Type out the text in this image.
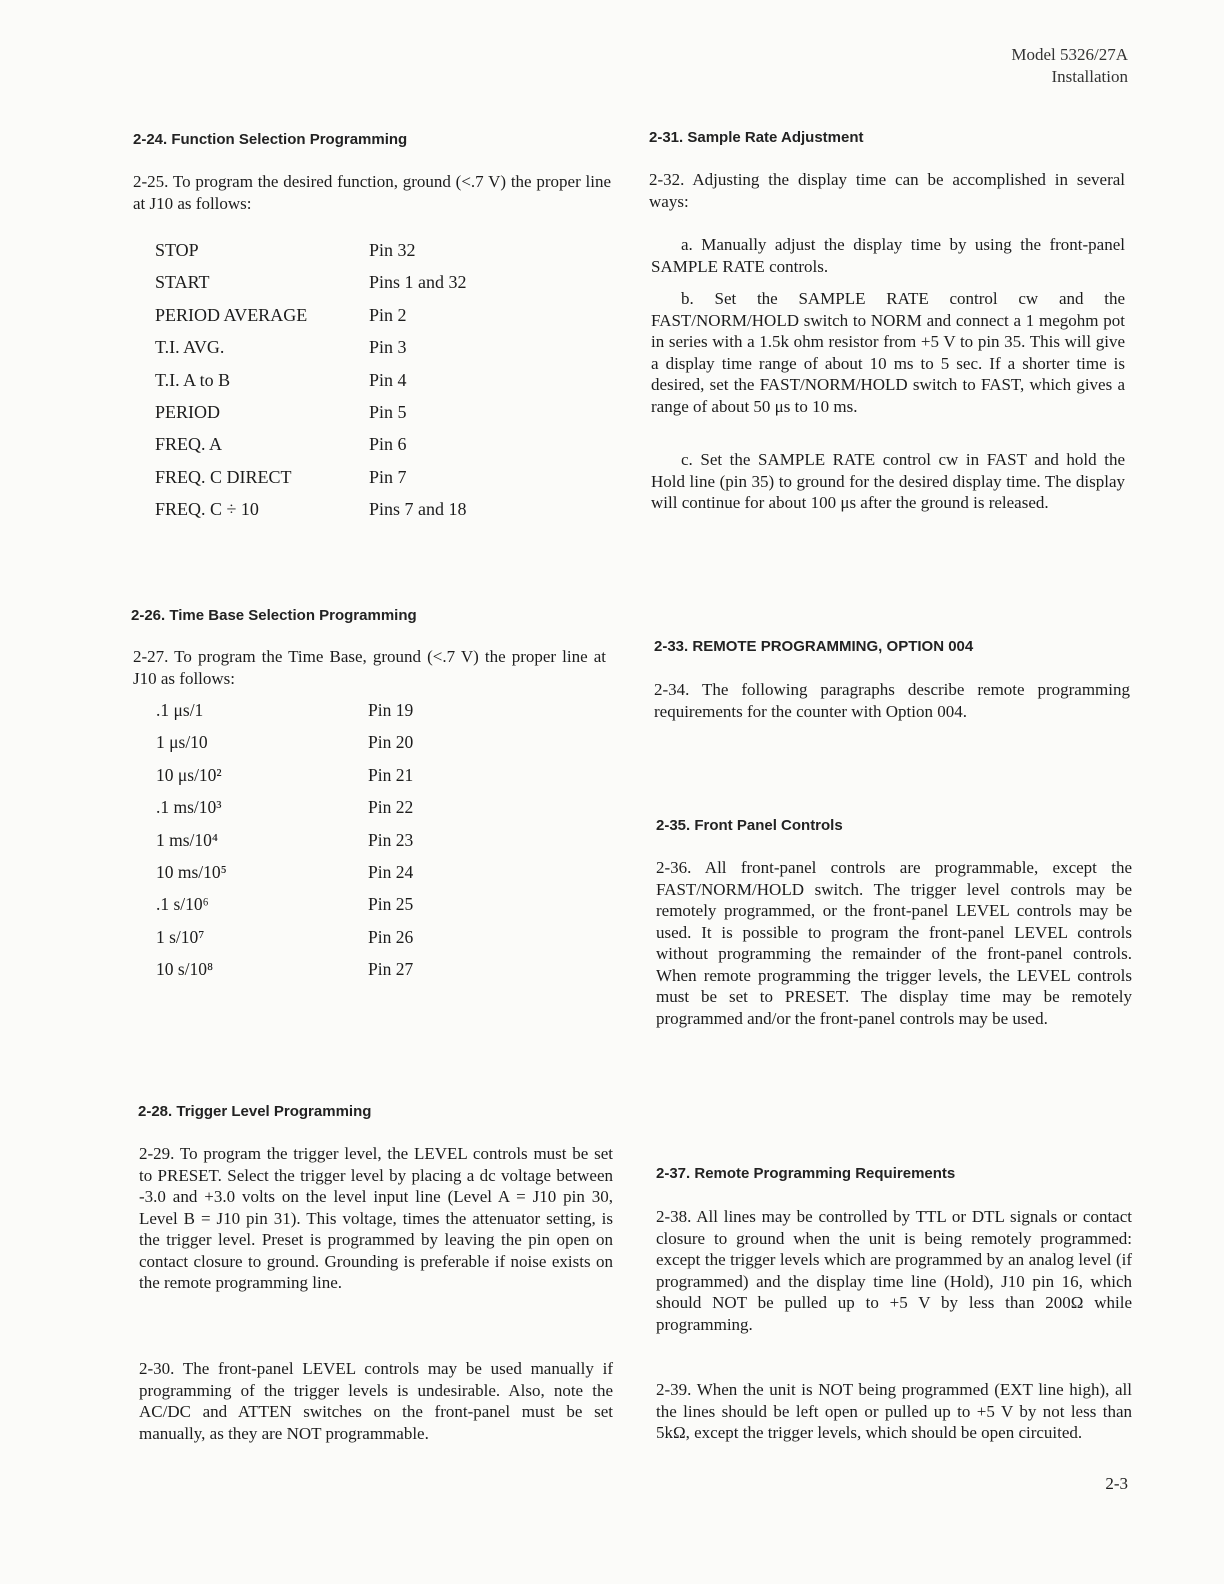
Model 5326/27A
Installation
2-24. Function Selection Programming
2-25. To program the desired function, ground (<.7 V) the proper line at J10 as follows:
STOP	Pin 32
START	Pins 1 and 32
PERIOD AVERAGE	Pin 2
T.I. AVG.	Pin 3
T.I. A to B	Pin 4
PERIOD	Pin 5
FREQ. A	Pin 6
FREQ. C DIRECT	Pin 7
FREQ. C ÷ 10	Pins 7 and 18
2-26. Time Base Selection Programming
2-27. To program the Time Base, ground (<.7 V) the proper line at J10 as follows:
.1 μs/1	Pin 19
1 μs/10	Pin 20
10 μs/10²	Pin 21
.1 ms/10³	Pin 22
1 ms/10⁴	Pin 23
10 ms/10⁵	Pin 24
.1 s/10⁶	Pin 25
1 s/10⁷	Pin 26
10 s/10⁸	Pin 27
2-28. Trigger Level Programming
2-29. To program the trigger level, the LEVEL controls must be set to PRESET. Select the trigger level by placing a dc voltage between -3.0 and +3.0 volts on the level input line (Level A = J10 pin 30, Level B = J10 pin 31). This voltage, times the attenuator setting, is the trigger level. Preset is programmed by leaving the pin open on contact closure to ground. Grounding is preferable if noise exists on the remote programming line.
2-30. The front-panel LEVEL controls may be used manually if programming of the trigger levels is undesirable. Also, note the AC/DC and ATTEN switches on the front-panel must be set manually, as they are NOT programmable.
2-31. Sample Rate Adjustment
2-32. Adjusting the display time can be accomplished in several ways:
a. Manually adjust the display time by using the front-panel SAMPLE RATE controls.
b. Set the SAMPLE RATE control cw and the FAST/NORM/HOLD switch to NORM and connect a 1 megohm pot in series with a 1.5k ohm resistor from +5 V to pin 35. This will give a display time range of about 10 ms to 5 sec. If a shorter time is desired, set the FAST/NORM/HOLD switch to FAST, which gives a range of about 50 μs to 10 ms.
c. Set the SAMPLE RATE control cw in FAST and hold the Hold line (pin 35) to ground for the desired display time. The display will continue for about 100 μs after the ground is released.
2-33. REMOTE PROGRAMMING, OPTION 004
2-34. The following paragraphs describe remote programming requirements for the counter with Option 004.
2-35. Front Panel Controls
2-36. All front-panel controls are programmable, except the FAST/NORM/HOLD switch. The trigger level controls may be remotely programmed, or the front-panel LEVEL controls may be used. It is possible to program the front-panel LEVEL controls without programming the remainder of the front-panel controls. When remote programming the trigger levels, the LEVEL controls must be set to PRESET. The display time may be remotely programmed and/or the front-panel controls may be used.
2-37. Remote Programming Requirements
2-38. All lines may be controlled by TTL or DTL signals or contact closure to ground when the unit is being remotely programmed: except the trigger levels which are programmed by an analog level (if programmed) and the display time line (Hold), J10 pin 16, which should NOT be pulled up to +5 V by less than 200Ω while programming.
2-39. When the unit is NOT being programmed (EXT line high), all the lines should be left open or pulled up to +5 V by not less than 5kΩ, except the trigger levels, which should be open circuited.
2-3
